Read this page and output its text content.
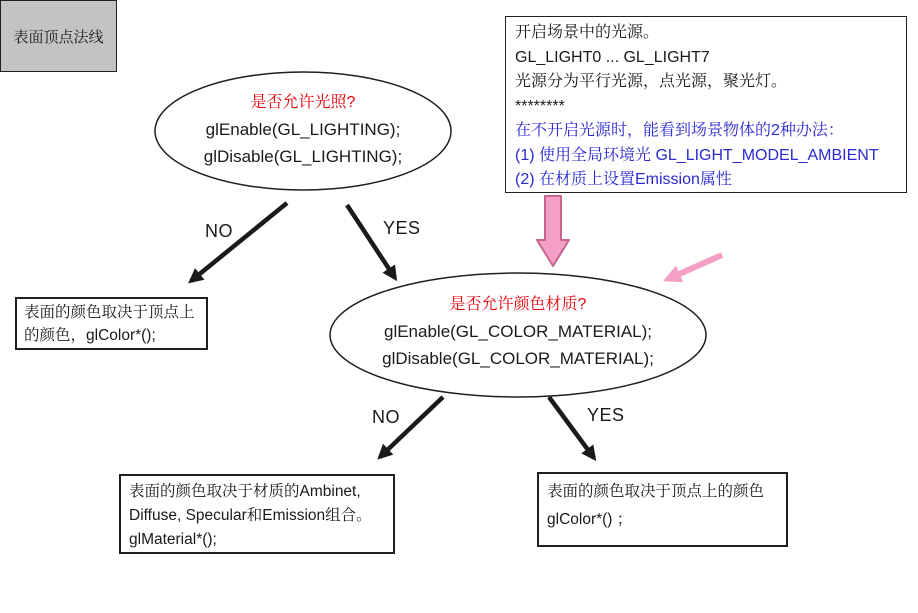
开启场景中的光源。
GL_LIGHT0 ... GL_LIGHT7
光源分为平行光源，点光源，聚光灯。
********
在不开启光源时，能看到场景物体的2种办法：
(1) 使用全局环境光 GL_LIGHT_MODEL_AMBIENT
(2) 在材质上设置Emission属性
是否允许光照?
glEnable(GL_LIGHTING);
glDisable(GL_LIGHTING);
是否允许颜色材质?
glEnable(GL_COLOR_MATERIAL);
glDisable(GL_COLOR_MATERIAL);
NO	YES
NO	YES
表面的颜色取决于顶点上
的颜色，glColor*();
表面的颜色取决于材质的Ambinet,
Diffuse, Specular和Emission组合。
glMaterial*();
表面的颜色取决于顶点上的颜色
glColor*() ；
表面顶点法线
